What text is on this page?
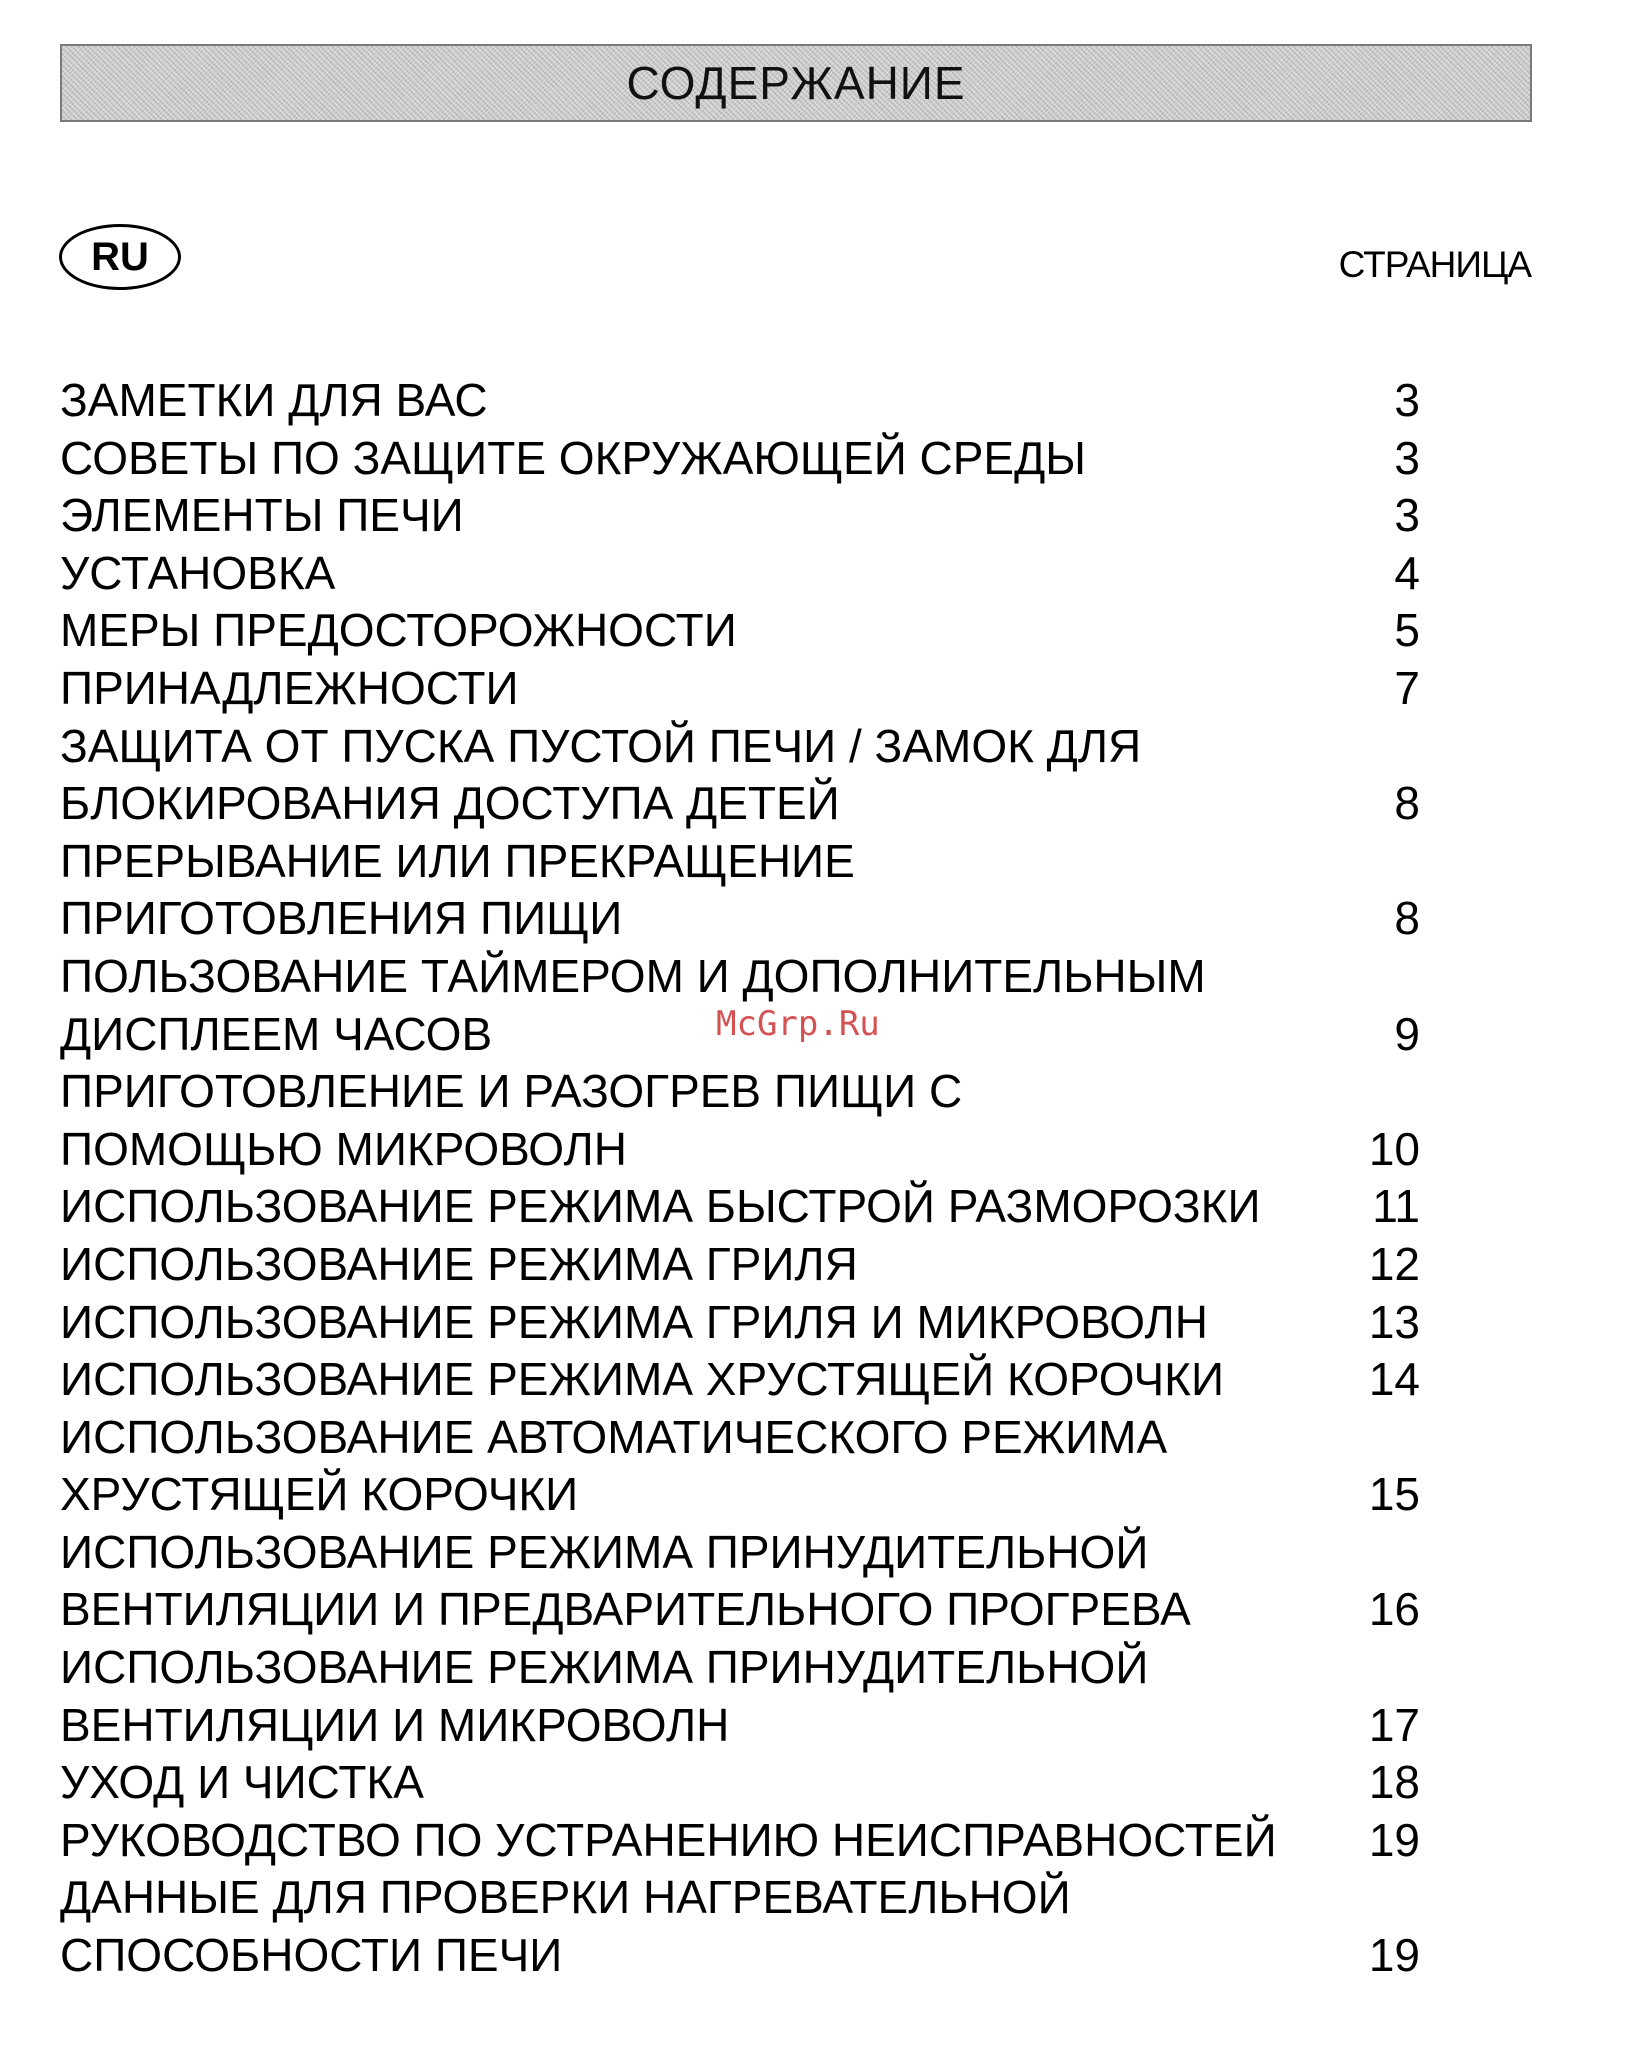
СОДЕРЖАНИЕ
RU	СТРАНИЦА
ЗАМЕТКИ ДЛЯ ВАС	3
СОВЕТЫ ПО ЗАЩИТЕ ОКРУЖАЮЩЕЙ СРЕДЫ	3
ЭЛЕМЕНТЫ ПЕЧИ	3
УСТАНОВКА	4
МЕРЫ ПРЕДОСТОРОЖНОСТИ	5
ПРИНАДЛЕЖНОСТИ	7
ЗАЩИТА ОТ ПУСКА ПУСТОЙ ПЕЧИ / ЗАМОК ДЛЯ
БЛОКИРОВАНИЯ ДОСТУПА ДЕТЕЙ	8
ПРЕРЫВАНИЕ ИЛИ ПРЕКРАЩЕНИЕ
ПРИГОТОВЛЕНИЯ ПИЩИ	8
ПОЛЬЗОВАНИЕ ТАЙМЕРОМ И ДОПОЛНИТЕЛЬНЫМ
ДИСПЛЕЕМ ЧАСОВ	9
ПРИГОТОВЛЕНИЕ И РАЗОГРЕВ ПИЩИ С
ПОМОЩЬЮ МИКРОВОЛН	10
ИСПОЛЬЗОВАНИЕ РЕЖИМА БЫСТРОЙ РАЗМОРОЗКИ 11
ИСПОЛЬЗОВАНИЕ РЕЖИМА ГРИЛЯ	12
ИСПОЛЬЗОВАНИЕ РЕЖИМА ГРИЛЯ И МИКРОВОЛН	13
ИСПОЛЬЗОВАНИЕ РЕЖИМА ХРУСТЯЩЕЙ КОРОЧКИ	14
ИСПОЛЬЗОВАНИЕ АВТОМАТИЧЕСКОГО РЕЖИМА
ХРУСТЯЩЕЙ КОРОЧКИ	15
ИСПОЛЬЗОВАНИЕ РЕЖИМА ПРИНУДИТЕЛЬНОЙ
ВЕНТИЛЯЦИИ И ПРЕДВАРИТЕЛЬНОГО ПРОГРЕВА	16
ИСПОЛЬЗОВАНИЕ РЕЖИМА ПРИНУДИТЕЛЬНОЙ
ВЕНТИЛЯЦИИ И МИКРОВОЛН	17
УХОД И ЧИСТКА	18
РУКОВОДСТВО ПО УСТРАНЕНИЮ НЕИСПРАВНОСТЕЙ 19
ДАННЫЕ ДЛЯ ПРОВЕРКИ НАГРЕВАТЕЛЬНОЙ
СПОСОБНОСТИ ПЕЧИ	19
McGrp.Ru
